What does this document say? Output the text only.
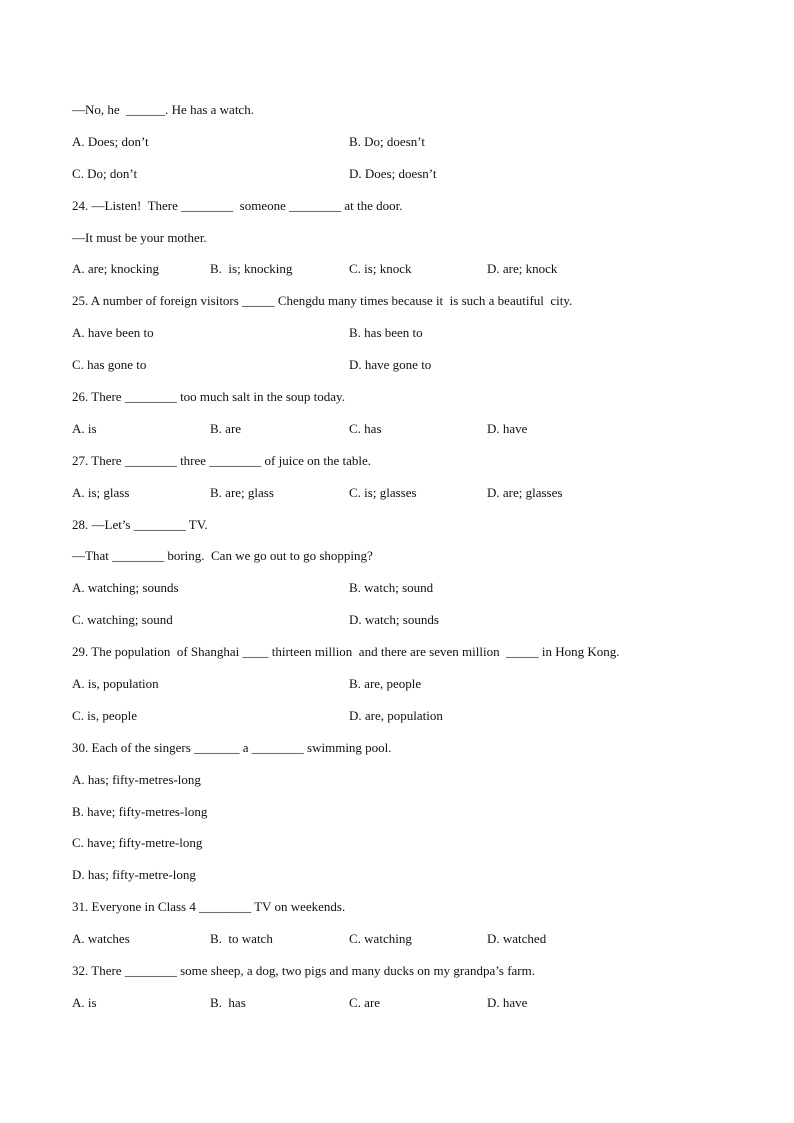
—No, he  ______. He has a watch.

A. Does; don’t

	B. Do; doesn’t

C. Do; don’t

	D. Does; doesn’t

24. —Listen!  There ________  someone ________ at the door.
—It must be your mother.

A. are; knocking

	B.  is; knocking

	C. is; knock

	D. are; knock

25. A number of foreign visitors _____ Chengdu many times because it  is such a beautiful  city.

A. have been to

	B. has been to

C. has gone to

	D. have gone to

26. There ________ too much salt in the soup today.

A. is

	B. are

	C. has

	D. have

27. There ________ three ________ of juice on the table.

A. is; glass

	B. are; glass

	C. is; glasses

	D. are; glasses

28. —Let’s ________ TV.
—That ________ boring.  Can we go out to go shopping?

A. watching; sounds

	B. watch; sound

C. watching; sound

	D. watch; sounds

29. The population  of Shanghai ____ thirteen million  and there are seven million  _____ in Hong Kong.

A. is, population

	B. are, people

C. is, people

	D. are, population

30. Each of the singers _______ a ________ swimming pool.
A. has; fifty-metres-long
B. have; fifty-metres-long
C. have; fifty-metre-long
D. has; fifty-metre-long
31. Everyone in Class 4 ________ TV on weekends.

A. watches

	B.  to watch

	C. watching

	D. watched

32. There ________ some sheep, a dog, two pigs and many ducks on my grandpa’s farm.

A. is

	B.  has

	C. are

	D. have
